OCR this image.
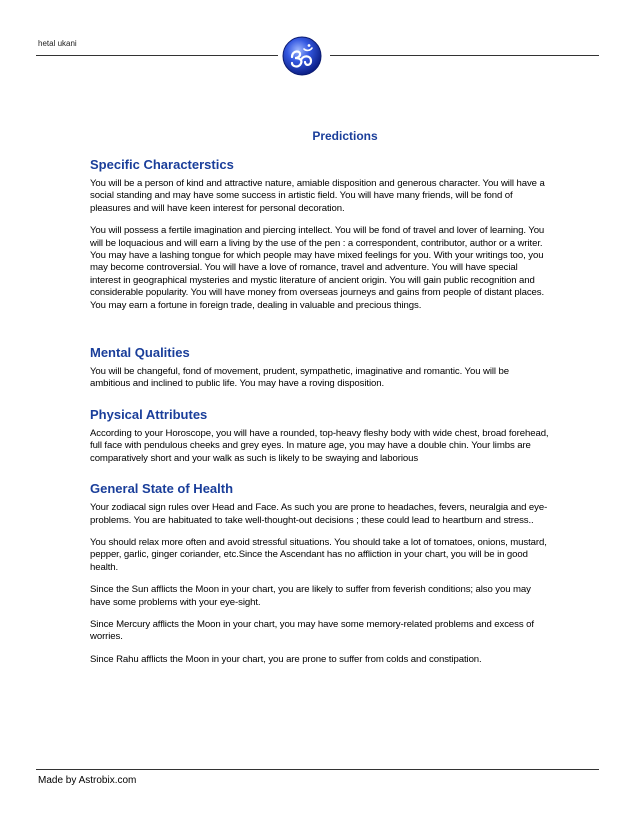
hetal ukani
Predictions
Specific Characterstics

You will be a person of kind and attractive nature, amiable disposition and generous character. You will have a social standing and may have some success in artistic field. You will have many friends, will be fond of pleasures and will have keen interest for personal decoration.

You will possess a fertile imagination and piercing intellect. You will be fond of travel and lover of learning. You will be loquacious and will earn a living by the use of the pen : a correspondent, contributor, author or a writer. You may have a lashing tongue for which people may have mixed feelings for you. With your writings too, you may become controversial. You will have a love of romance, travel and adventure. You will have special interest in geographical mysteries and mystic literature of ancient origin. You will gain public recognition and considerable popularity. You will have money from overseas journeys and gains from people of distant places. You may earn a fortune in foreign trade, dealing in valuable and precious things.

Mental Qualities

You will be changeful, fond of movement, prudent, sympathetic, imaginative and romantic. You will be ambitious and inclined to public life. You may have a roving disposition.

Physical Attributes

According to your Horoscope, you will have a rounded, top-heavy fleshy body with wide chest, broad forehead, full face with pendulous cheeks and grey eyes. In mature age, you may have a double chin. Your limbs are comparatively short and your walk as such is likely to be swaying and laborious

General State of Health

Your zodiacal sign rules over Head and Face. As such you are prone to headaches, fevers, neuralgia and eye-problems. You are habituated to take well-thought-out decisions ; these could lead to heartburn and stress..

You should relax more often and avoid stressful situations. You should take a lot of tomatoes, onions, mustard, pepper, garlic, ginger coriander, etc.Since the Ascendant has no affliction in your chart, you will be in good health.

Since the Sun afflicts the Moon in your chart, you are likely to suffer from feverish conditions; also you may have some problems with your eye-sight.

Since Mercury afflicts the Moon in your chart, you may have some memory-related problems and excess of worries.

Since Rahu afflicts the Moon in your chart, you are prone to suffer from colds and constipation.

Made by Astrobix.com
